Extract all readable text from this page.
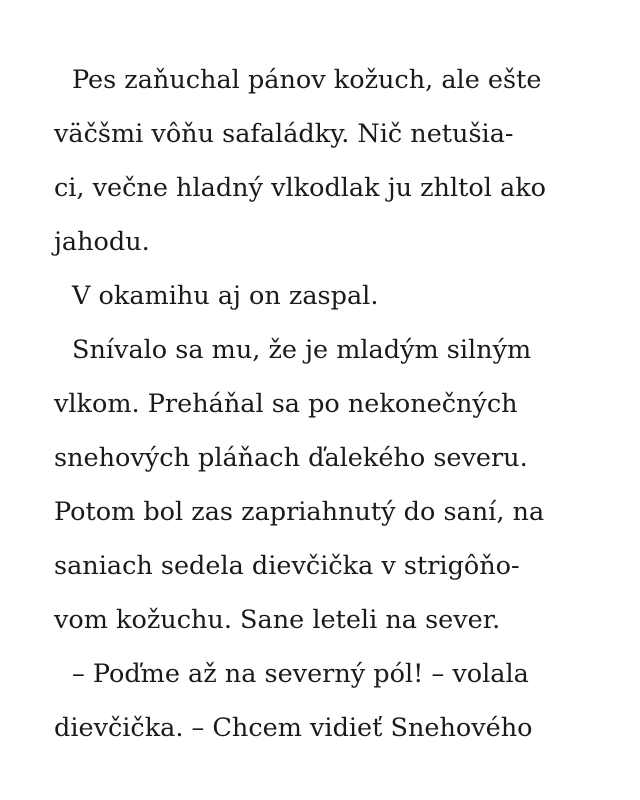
Pes zaňuchal pánov kožuch, ale ešte
väčšmi vôňu safaládky. Nič netušia-
ci, večne hladný vlkodlak ju zhltol ako
jahodu.
V okamihu aj on zaspal.
Snívalo sa mu, že je mladým silným
vlkom. Preháňal sa po nekonečných
snehových pláňach ďalekého severu.
Potom bol zas zapriahnutý do saní, na
saniach sedela dievčička v strigôňo-
vom kožuchu. Sane leteli na sever.
– Poďme až na severný pól! – volala
dievčička. – Chcem vidieť Snehového
